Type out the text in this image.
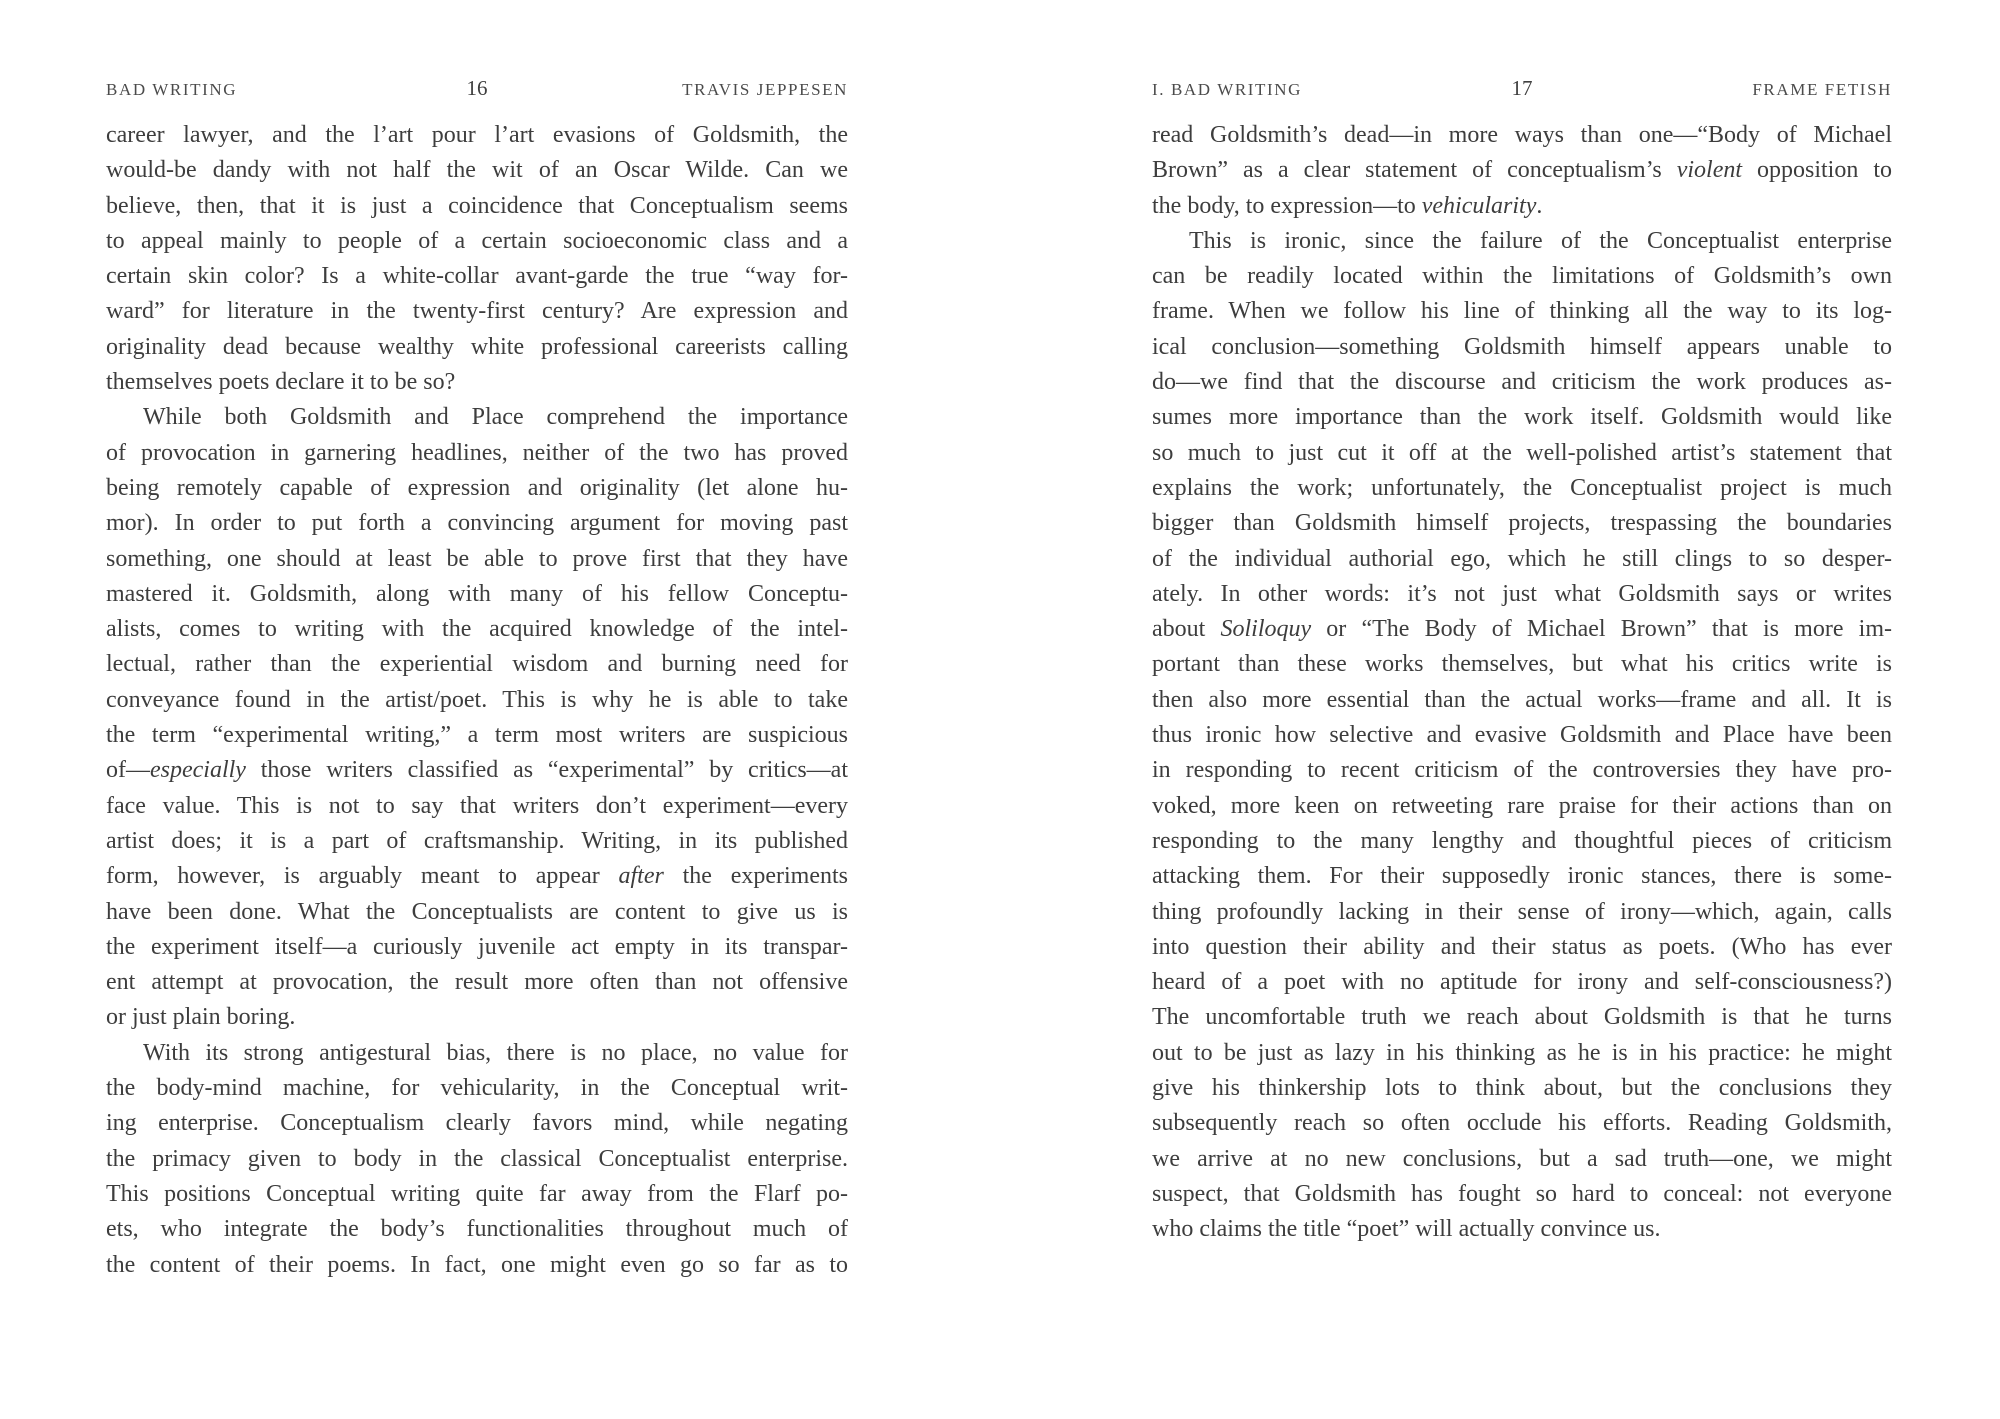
BAD WRITING	16	TRAVIS JEPPESEN
career lawyer, and the l’art pour l’art evasions of Goldsmith, the
would-be dandy with not half the wit of an Oscar Wilde. Can we
believe, then, that it is just a coincidence that Conceptualism seems
to appeal mainly to people of a certain socioeconomic class and a
certain skin color? Is a white-collar avant-garde the true “way for-
ward” for literature in the twenty-first century? Are expression and
originality dead because wealthy white professional careerists calling
themselves poets declare it to be so?
While both Goldsmith and Place comprehend the importance
of provocation in garnering headlines, neither of the two has proved
being remotely capable of expression and originality (let alone hu-
mor). In order to put forth a convincing argument for moving past
something, one should at least be able to prove first that they have
mastered it. Goldsmith, along with many of his fellow Conceptu-
alists, comes to writing with the acquired knowledge of the intel-
lectual, rather than the experiential wisdom and burning need for
conveyance found in the artist/poet. This is why he is able to take
the term “experimental writing,” a term most writers are suspicious
of—especially those writers classified as “experimental” by critics—at
face value. This is not to say that writers don’t experiment—every
artist does; it is a part of craftsmanship. Writing, in its published
form, however, is arguably meant to appear after the experiments
have been done. What the Conceptualists are content to give us is
the experiment itself—a curiously juvenile act empty in its transpar-
ent attempt at provocation, the result more often than not offensive
or just plain boring.
With its strong antigestural bias, there is no place, no value for
the body-mind machine, for vehicularity, in the Conceptual writ-
ing enterprise. Conceptualism clearly favors mind, while negating
the primacy given to body in the classical Conceptualist enterprise.
This positions Conceptual writing quite far away from the Flarf po-
ets, who integrate the body’s functionalities throughout much of
the content of their poems. In fact, one might even go so far as to
I. BAD WRITING	17	FRAME FETISH
read Goldsmith’s dead—in more ways than one—“Body of Michael
Brown” as a clear statement of conceptualism’s violent opposition to
the body, to expression—to vehicularity.
This is ironic, since the failure of the Conceptualist enterprise
can be readily located within the limitations of Goldsmith’s own
frame. When we follow his line of thinking all the way to its log-
ical conclusion—something Goldsmith himself appears unable to
do—we find that the discourse and criticism the work produces as-
sumes more importance than the work itself. Goldsmith would like
so much to just cut it off at the well-polished artist’s statement that
explains the work; unfortunately, the Conceptualist project is much
bigger than Goldsmith himself projects, trespassing the boundaries
of the individual authorial ego, which he still clings to so desper-
ately. In other words: it’s not just what Goldsmith says or writes
about Soliloquy or “The Body of Michael Brown” that is more im-
portant than these works themselves, but what his critics write is
then also more essential than the actual works—frame and all. It is
thus ironic how selective and evasive Goldsmith and Place have been
in responding to recent criticism of the controversies they have pro-
voked, more keen on retweeting rare praise for their actions than on
responding to the many lengthy and thoughtful pieces of criticism
attacking them. For their supposedly ironic stances, there is some-
thing profoundly lacking in their sense of irony—which, again, calls
into question their ability and their status as poets. (Who has ever
heard of a poet with no aptitude for irony and self-consciousness?)
The uncomfortable truth we reach about Goldsmith is that he turns
out to be just as lazy in his thinking as he is in his practice: he might
give his thinkership lots to think about, but the conclusions they
subsequently reach so often occlude his efforts. Reading Goldsmith,
we arrive at no new conclusions, but a sad truth—one, we might
suspect, that Goldsmith has fought so hard to conceal: not everyone
who claims the title “poet” will actually convince us.
